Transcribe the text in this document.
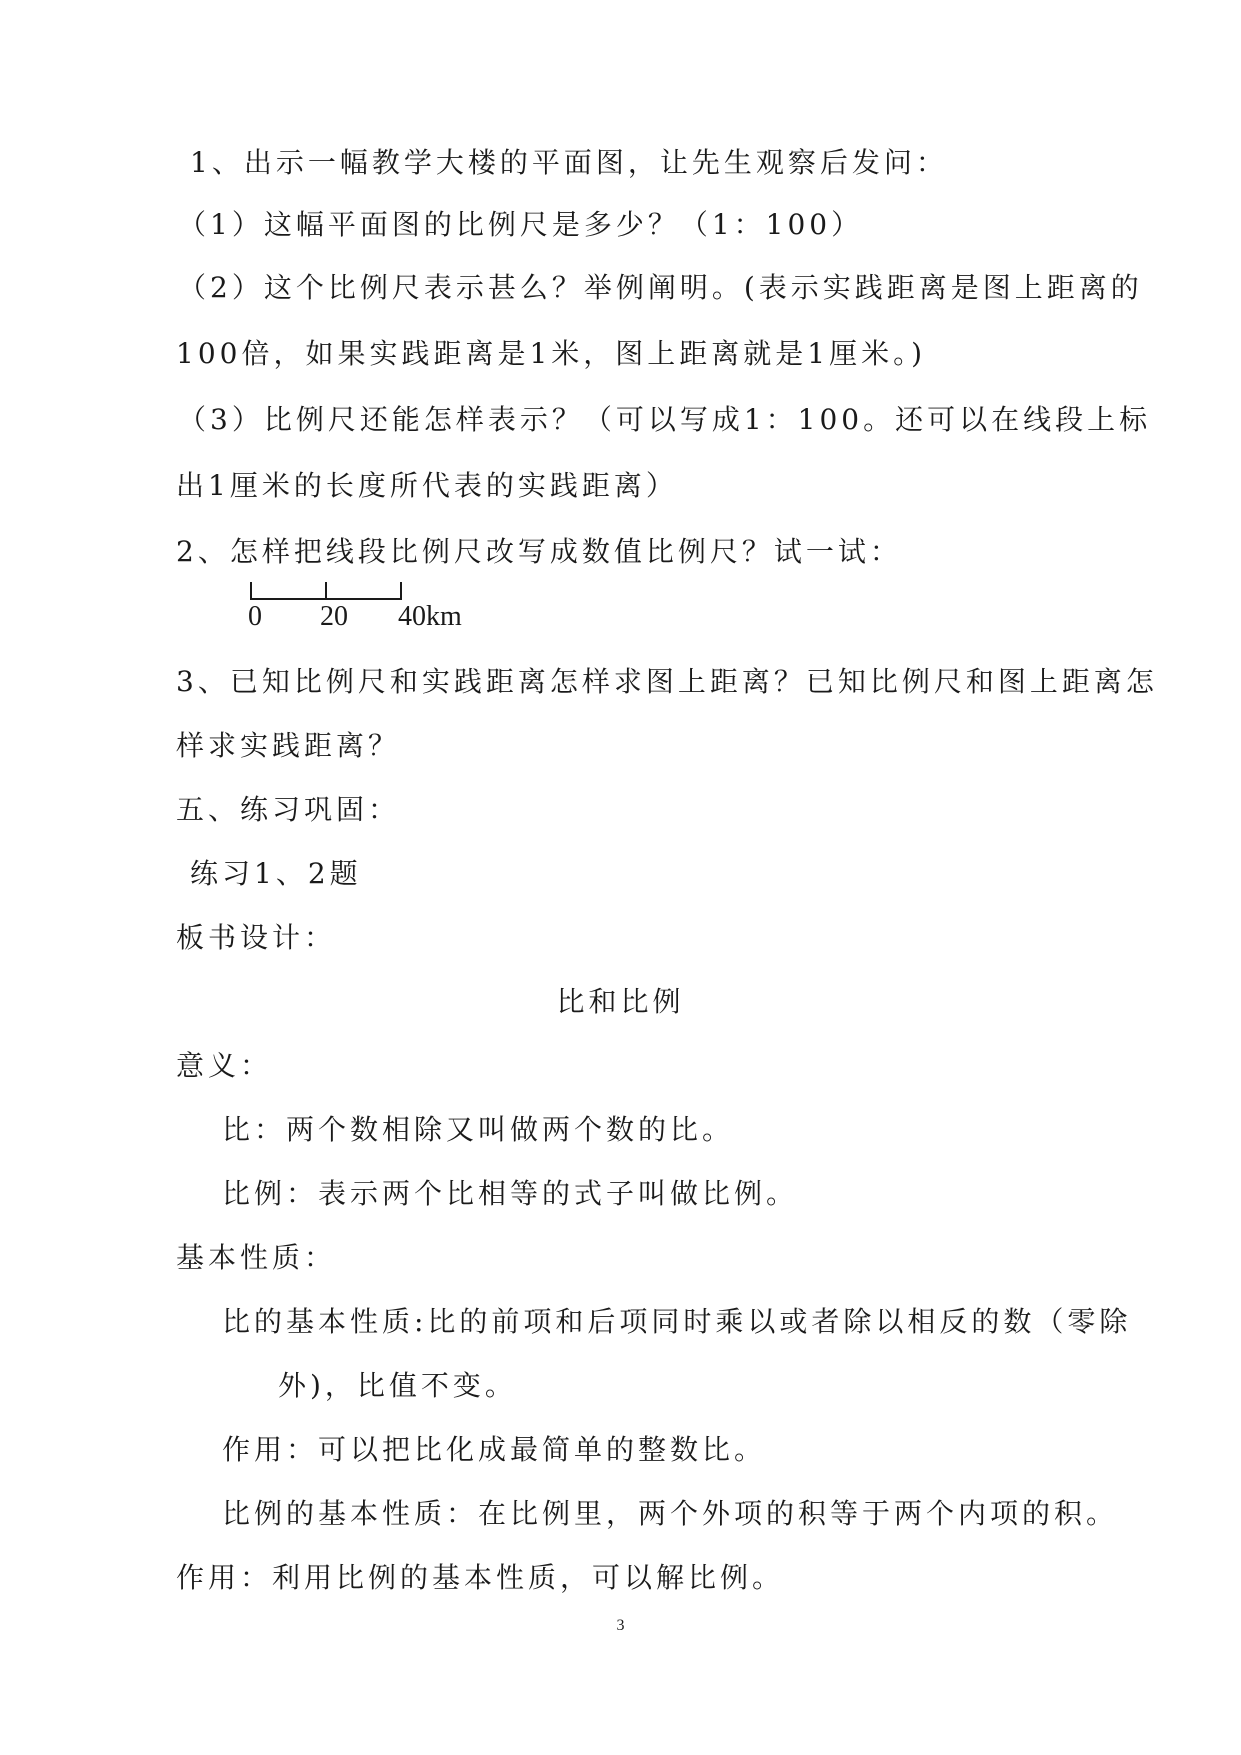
1、出示一幅教学大楼的平面图，让先生观察后发问：
（1）这幅平面图的比例尺是多少？（1：100）
（2）这个比例尺表示甚么？举例阐明。(表示实践距离是图上距离的
100倍，如果实践距离是1米，图上距离就是1厘米。)
（3）比例尺还能怎样表示？（可以写成1：100。还可以在线段上标
出1厘米的长度所代表的实践距离）
2、怎样把线段比例尺改写成数值比例尺？试一试：
0 20 40km
3、已知比例尺和实践距离怎样求图上距离？已知比例尺和图上距离怎
样求实践距离？
五、练习巩固：
练习1、2题
板书设计：
比和比例
意义：
比：两个数相除又叫做两个数的比。
比例：表示两个比相等的式子叫做比例。
基本性质：
比的基本性质:比的前项和后项同时乘以或者除以相反的数（零除
外)，比值不变。
作用：可以把比化成最简单的整数比。
比例的基本性质：在比例里，两个外项的积等于两个内项的积。
作用：利用比例的基本性质，可以解比例。
3
